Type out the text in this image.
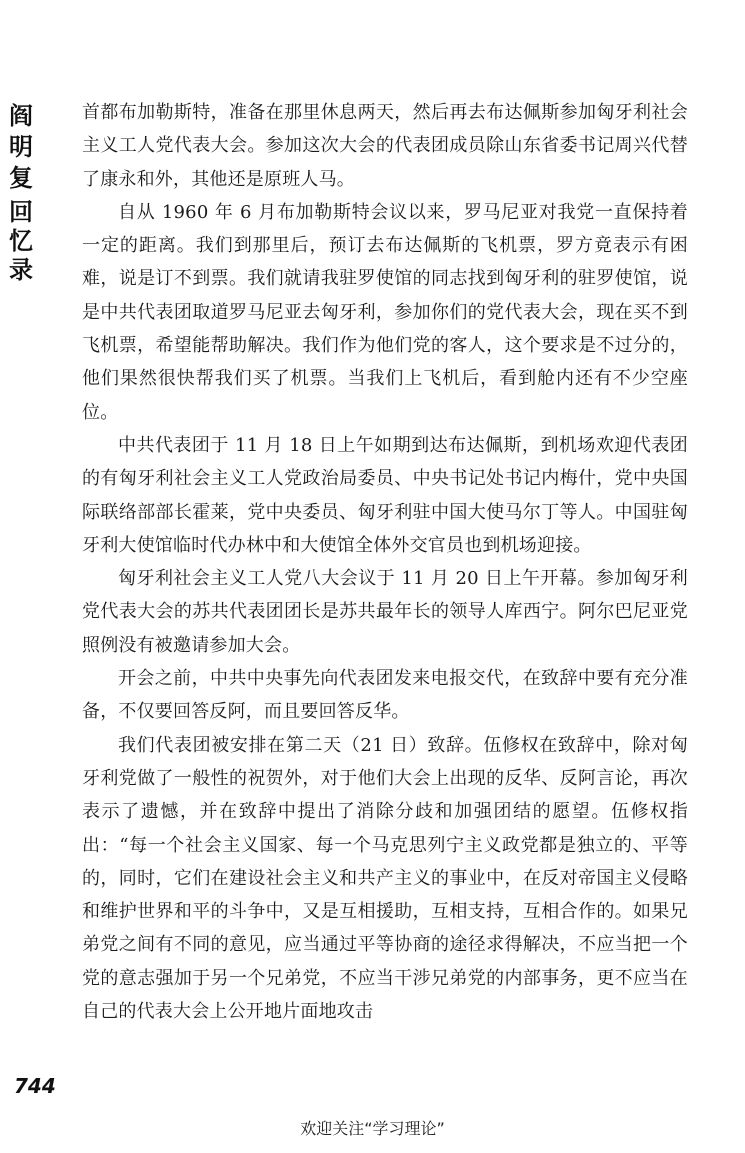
阎
明
复
回
忆
录

首都布加勒斯特，准备在那里休息两天，然后再去布达佩斯参加匈牙利社会主义工人党代表大会。参加这次大会的代表团成员除山东省委书记周兴代替了康永和外，其他还是原班人马。

自从 1960 年 6 月布加勒斯特会议以来，罗马尼亚对我党一直保持着一定的距离。我们到那里后，预订去布达佩斯的飞机票，罗方竟表示有困难，说是订不到票。我们就请我驻罗使馆的同志找到匈牙利的驻罗使馆，说是中共代表团取道罗马尼亚去匈牙利，参加你们的党代表大会，现在买不到飞机票，希望能帮助解决。我们作为他们党的客人，这个要求是不过分的，他们果然很快帮我们买了机票。当我们上飞机后，看到舱内还有不少空座位。

中共代表团于 11 月 18 日上午如期到达布达佩斯，到机场欢迎代表团的有匈牙利社会主义工人党政治局委员、中央书记处书记内梅什，党中央国际联络部部长霍莱，党中央委员、匈牙利驻中国大使马尔丁等人。中国驻匈牙利大使馆临时代办林中和大使馆全体外交官员也到机场迎接。

匈牙利社会主义工人党八大会议于 11 月 20 日上午开幕。参加匈牙利党代表大会的苏共代表团团长是苏共最年长的领导人库西宁。阿尔巴尼亚党照例没有被邀请参加大会。

开会之前，中共中央事先向代表团发来电报交代，在致辞中要有充分准备，不仅要回答反阿，而且要回答反华。

我们代表团被安排在第二天（21 日）致辞。伍修权在致辞中，除对匈牙利党做了一般性的祝贺外，对于他们大会上出现的反华、反阿言论，再次表示了遗憾，并在致辞中提出了消除分歧和加强团结的愿望。伍修权指出：“每一个社会主义国家、每一个马克思列宁主义政党都是独立的、平等的，同时，它们在建设社会主义和共产主义的事业中，在反对帝国主义侵略和维护世界和平的斗争中，又是互相援助，互相支持，互相合作的。如果兄弟党之间有不同的意见，应当通过平等协商的途径求得解决，不应当把一个党的意志强加于另一个兄弟党，不应当干涉兄弟党的内部事务，更不应当在自己的代表大会上公开地片面地攻击

744
欢迎关注“学习理论”
